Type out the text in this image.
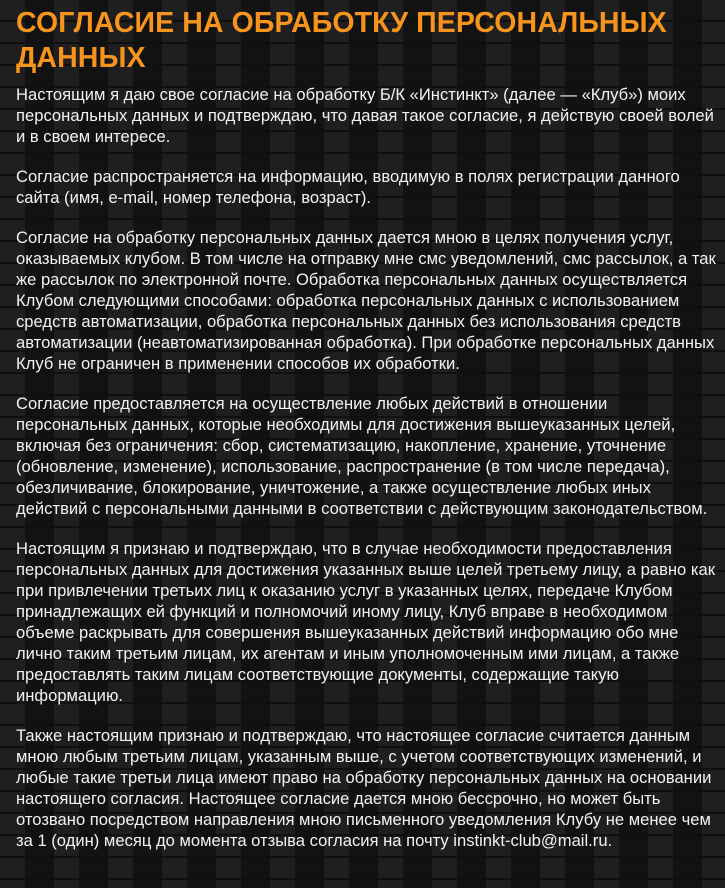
СОГЛАСИЕ НА ОБРАБОТКУ ПЕРСОНАЛЬНЫХ ДАННЫХ

Настоящим я даю свое согласие на обработку Б/К «Инстинкт» (далее — «Клуб») моих персональных данных и подтверждаю, что давая такое согласие, я действую своей волей и в своем интересе.

Согласие распространяется на информацию, вводимую в полях регистрации данного сайта (имя, e-mail, номер телефона, возраст).

Согласие на обработку персональных данных дается мною в целях получения услуг, оказываемых клубом. В том числе на отправку мне смс уведомлений, смс рассылок, а так же рассылок по электронной почте. Обработка персональных данных осуществляется Клубом следующими способами: обработка персональных данных с использованием средств автоматизации, обработка персональных данных без использования средств автоматизации (неавтоматизированная обработка). При обработке персональных данных Клуб не ограничен в применении способов их обработки.

Согласие предоставляется на осуществление любых действий в отношении персональных данных, которые необходимы для достижения вышеуказанных целей, включая без ограничения: сбор, систематизацию, накопление, хранение, уточнение (обновление, изменение), использование, распространение (в том числе передача), обезличивание, блокирование, уничтожение, а также осуществление любых иных действий с персональными данными в соответствии с действующим законодательством.

Настоящим я признаю и подтверждаю, что в случае необходимости предоставления персональных данных для достижения указанных выше целей третьему лицу, а равно как при привлечении третьих лиц к оказанию услуг в указанных целях, передаче Клубом принадлежащих ей функций и полномочий иному лицу, Клуб вправе в необходимом объеме раскрывать для совершения вышеуказанных действий информацию обо мне лично таким третьим лицам, их агентам и иным уполномоченным ими лицам, а также предоставлять таким лицам соответствующие документы, содержащие такую информацию.

Также настоящим признаю и подтверждаю, что настоящее согласие считается данным мною любым третьим лицам, указанным выше, с учетом соответствующих изменений, и любые такие третьи лица имеют право на обработку персональных данных на основании настоящего согласия. Настоящее согласие дается мною бессрочно, но может быть отозвано посредством направления мною письменного уведомления Клубу не менее чем за 1 (один) месяц до момента отзыва согласия на почту instinkt-club@mail.ru.
